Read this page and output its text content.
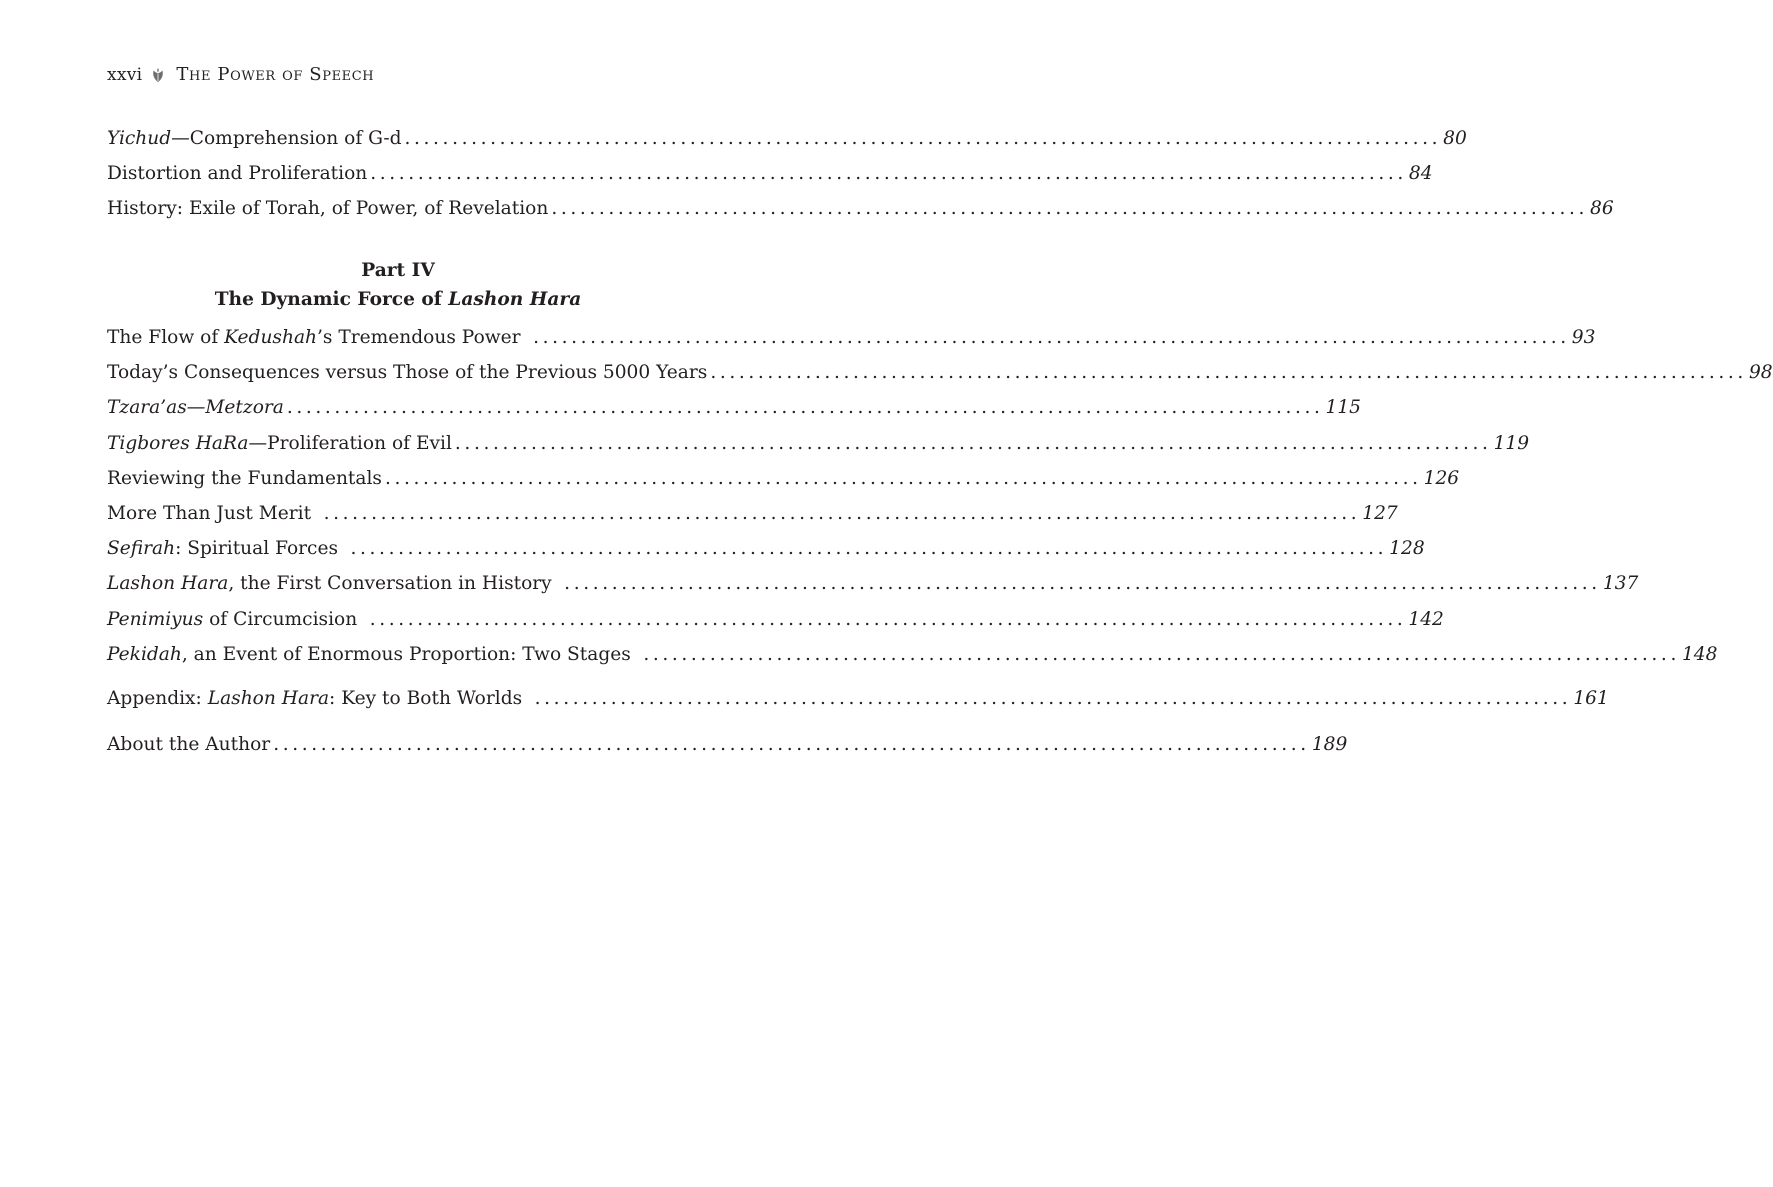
xxvi The Power of Speech
Yichud—Comprehension of G-d ............................................................................................................. 80
Distortion and Proliferation ............................................................................................................. 84
History: Exile of Torah, of Power, of Revelation ............................................................................................................. 86
Part IV
The Dynamic Force of Lashon Hara
The Flow of Kedushah’s Tremendous Power ............................................................................................................. 93
Today’s Consequences versus Those of the Previous 5000 Years ............................................................................................................. 98
Tzara’as—Metzora ............................................................................................................. 115
Tigbores HaRa—Proliferation of Evil ............................................................................................................. 119
Reviewing the Fundamentals ............................................................................................................. 126
More Than Just Merit ............................................................................................................. 127
Sefirah: Spiritual Forces ............................................................................................................. 128
Lashon Hara, the First Conversation in History ............................................................................................................. 137
Penimiyus of Circumcision ............................................................................................................. 142
Pekidah, an Event of Enormous Proportion: Two Stages ............................................................................................................. 148
Appendix: Lashon Hara: Key to Both Worlds ............................................................................................................. 161
About the Author ............................................................................................................. 189
